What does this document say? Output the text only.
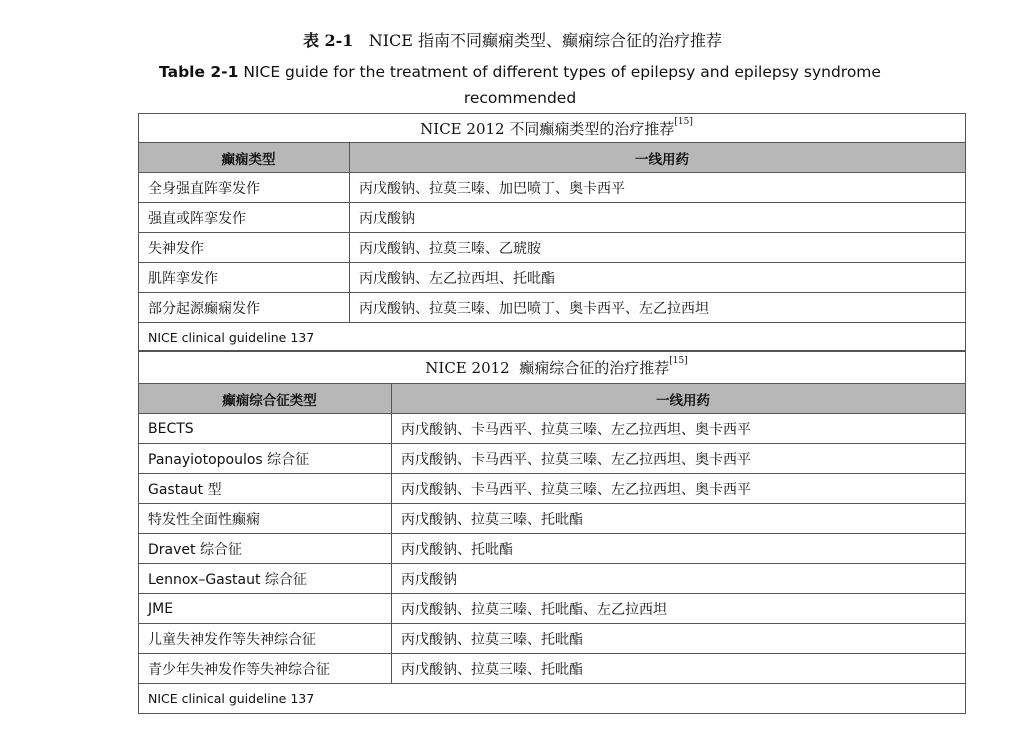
表 2-1 NICE 指南不同癫痫类型、癫痫综合征的治疗推荐
Table 2-1 NICE guide for the treatment of different types of epilepsy and epilepsy syndrome recommended
NICE 2012 不同癫痫类型的治疗推荐[15]
癫痫类型	一线用药
全身强直阵挛发作	丙戊酸钠、拉莫三嗪、加巴喷丁、奥卡西平
强直或阵挛发作	丙戊酸钠
失神发作	丙戊酸钠、拉莫三嗪、乙琥胺
肌阵挛发作	丙戊酸钠、左乙拉西坦、托吡酯
部分起源癫痫发作	丙戊酸钠、拉莫三嗪、加巴喷丁、奥卡西平、左乙拉西坦
NICE clinical guideline 137	
NICE 2012  癫痫综合征的治疗推荐[15]
癫痫综合征类型	一线用药
BECTS	丙戊酸钠、卡马西平、拉莫三嗪、左乙拉西坦、奥卡西平
Panayiotopoulos 综合征	丙戊酸钠、卡马西平、拉莫三嗪、左乙拉西坦、奥卡西平
Gastaut 型	丙戊酸钠、卡马西平、拉莫三嗪、左乙拉西坦、奥卡西平
特发性全面性癫痫	丙戊酸钠、拉莫三嗪、托吡酯
Dravet 综合征	丙戊酸钠、托吡酯
Lennox–Gastaut 综合征	丙戊酸钠
JME	丙戊酸钠、拉莫三嗪、托吡酯、左乙拉西坦
儿童失神发作等失神综合征	丙戊酸钠、拉莫三嗪、托吡酯
青少年失神发作等失神综合征	丙戊酸钠、拉莫三嗪、托吡酯
NICE clinical guideline 137	
